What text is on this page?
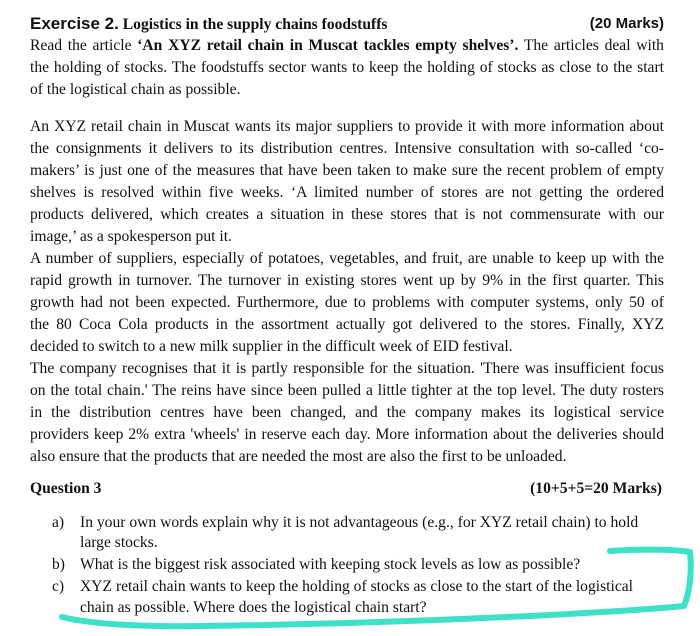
Exercise 2. Logistics in the supply chains foodstuffs	(20 Marks)
Read the article ‘An XYZ retail chain in Muscat tackles empty shelves’. The articles deal with
the holding of stocks. The foodstuffs sector wants to keep the holding of stocks as close to the start
of the logistical chain as possible.
An XYZ retail chain in Muscat wants its major suppliers to provide it with more information about
the consignments it delivers to its distribution centres. Intensive consultation with so-called ‘co-
makers’ is just one of the measures that have been taken to make sure the recent problem of empty
shelves is resolved within five weeks. ‘A limited number of stores are not getting the ordered
products delivered, which creates a situation in these stores that is not commensurate with our
image,’ as a spokesperson put it.
A number of suppliers, especially of potatoes, vegetables, and fruit, are unable to keep up with the
rapid growth in turnover. The turnover in existing stores went up by 9% in the first quarter. This
growth had not been expected. Furthermore, due to problems with computer systems, only 50 of
the 80 Coca Cola products in the assortment actually got delivered to the stores. Finally, XYZ
decided to switch to a new milk supplier in the difficult week of EID festival.
The company recognises that it is partly responsible for the situation. 'There was insufficient focus
on the total chain.' The reins have since been pulled a little tighter at the top level. The duty rosters
in the distribution centres have been changed, and the company makes its logistical service
providers keep 2% extra 'wheels' in reserve each day. More information about the deliveries should
also ensure that the products that are needed the most are also the first to be unloaded.
Question 3	(10+5+5=20 Marks)
a) In your own words explain why it is not advantageous (e.g., for XYZ retail chain) to hold
large stocks.
b) What is the biggest risk associated with keeping stock levels as low as possible?
c) XYZ retail chain wants to keep the holding of stocks as close to the start of the logistical
chain as possible. Where does the logistical chain start?
